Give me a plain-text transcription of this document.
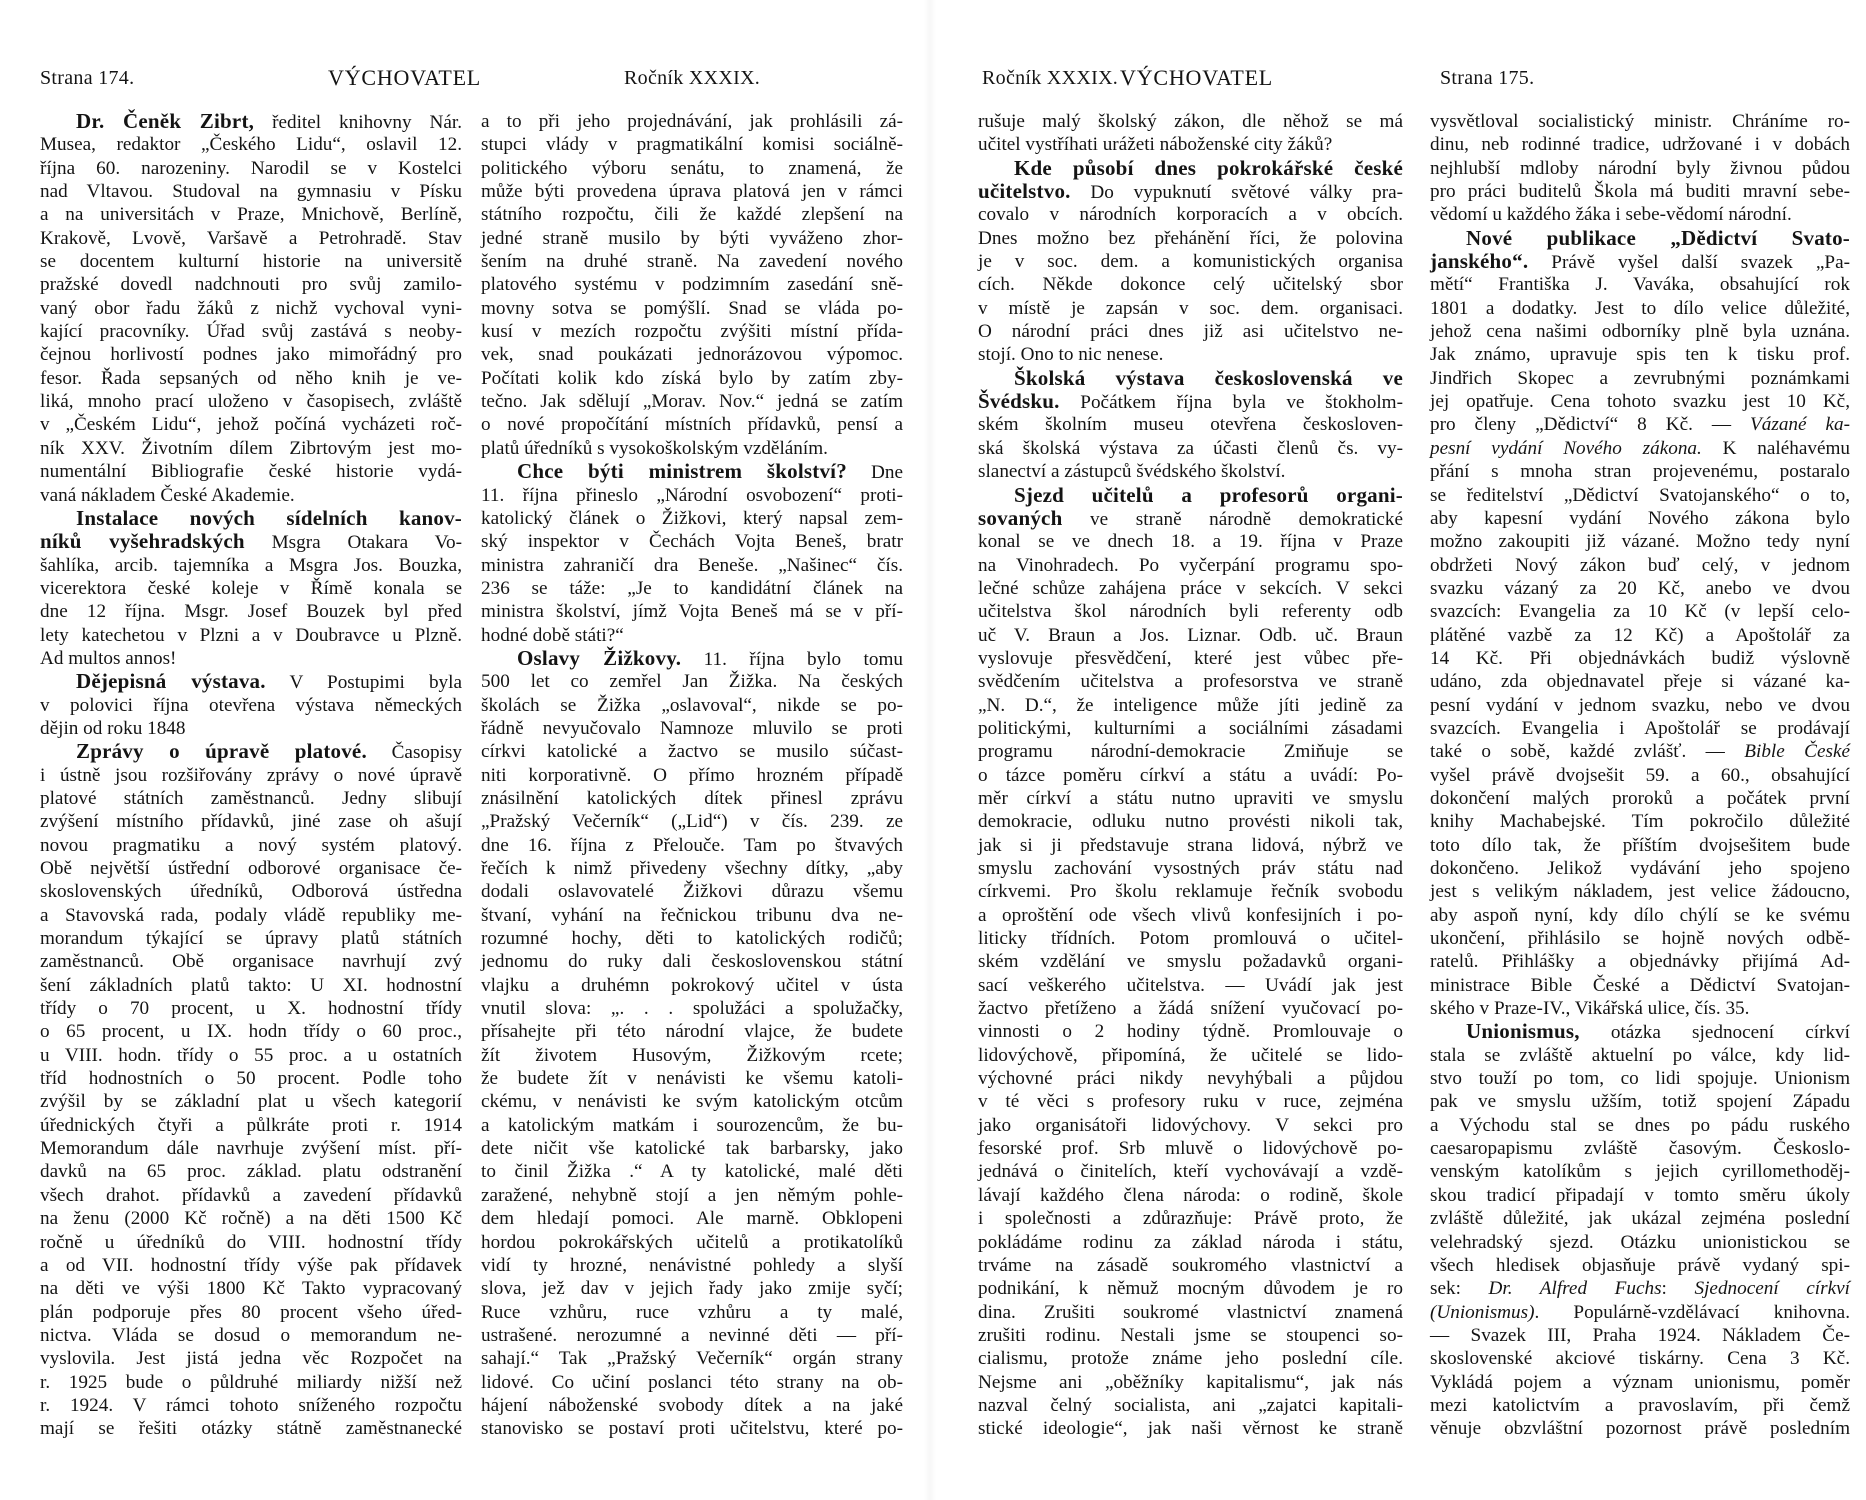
Strana 174.	VÝCHOVATEL	Ročník XXXIX.
Dr. Čeněk Zibrt, ředitel knihovny Nár.
Musea, redaktor „Českého Lidu“, oslavil 12.
října 60. narozeniny. Narodil se v Kostelci
nad Vltavou. Studoval na gymnasiu v Písku
a na universitách v Praze, Mnichově, Berlíně,
Krakově, Lvově, Varšavě a Petrohradě. Stav
se docentem kulturní historie na universitě
pražské dovedl nadchnouti pro svůj zamilo-
vaný obor řadu žáků z nichž vychoval vyni-
kající pracovníky. Úřad svůj zastává s neoby-
čejnou horlivostí podnes jako mimořádný pro
fesor. Řada sepsaných od něho knih je ve-
liká, mnoho prací uloženo v časopisech, zvláště
v „Českém Lidu“, jehož počíná vycházeti roč-
ník XXV. Životním dílem Zibrtovým jest mo-
numentální Bibliografie české historie vydá-
vaná nákladem České Akademie.
Instalace nových sídelních kanov-
níků vyšehradských Msgra Otakara Vo-
šahlíka, arcib. tajemníka a Msgra Jos. Bouzka,
vicerektora české koleje v Římě konala se
dne 12 října. Msgr. Josef Bouzek byl před
lety katechetou v Plzni a v Doubravce u Plzně.
Ad multos annos!
Dějepisná výstava. V Postupimi byla
v polovici října otevřena výstava německých
dějin od roku 1848
Zprávy o úpravě platové. Časopisy
i ústně jsou rozšiřovány zprávy o nové úpravě
platové státních zaměstnanců. Jedny slibují
zvýšení místního přídavků, jiné zase oh ašují
novou pragmatiku a nový systém platový.
Obě největší ústřední odborové organisace če-
skoslovenských úředníků, Odborová ústředna
a Stavovská rada, podaly vládě republiky me-
morandum týkající se úpravy platů státních
zaměstnanců. Obě organisace navrhují zvý
šení základních platů takto: U XI. hodnostní
třídy o 70 procent, u X. hodnostní třídy
o 65 procent, u IX. hodn třídy o 60 proc.,
u VIII. hodn. třídy o 55 proc. a u ostatních
tříd hodnostních o 50 procent. Podle toho
zvýšil by se základní plat u všech kategorií
úřednických čtyři a půlkráte proti r. 1914
Memorandum dále navrhuje zvýšení míst. pří-
davků na 65 proc. základ. platu odstranění
všech drahot. přídavků a zavedení přídavků
na ženu (2000 Kč ročně) a na děti 1500 Kč
ročně u úředníků do VIII. hodnostní třídy
a od VII. hodnostní třídy výše pak přídavek
na děti ve výši 1800 Kč Takto vypracovaný
plán podporuje přes 80 procent všeho úřed-
nictva. Vláda se dosud o memorandum ne-
vyslovila. Jest jistá jedna věc Rozpočet na
r. 1925 bude o půldruhé miliardy nižší než
r. 1924. V rámci tohoto sníženého rozpočtu
mají se řešiti otázky státně zaměstnanecké
a to při jeho projednávání, jak prohlásili zá-
stupci vlády v pragmatikální komisi sociálně-
politického výboru senátu, to znamená, že
může býti provedena úprava platová jen v rámci
státního rozpočtu, čili že každé zlepšení na
jedné straně musilo by býti vyváženo zhor-
šením na druhé straně. Na zavedení nového
platového systému v podzimním zasedání sně-
movny sotva se pomýšlí. Snad se vláda po-
kusí v mezích rozpočtu zvýšiti místní přída-
vek, snad poukázati jednorázovou výpomoc.
Počítati kolik kdo získá bylo by zatím zby-
tečno. Jak sdělují „Morav. Nov.“ jedná se zatím
o nové propočítání místních přídavků, pensí a
platů úředníků s vysokoškolským vzděláním.
Chce býti ministrem školství? Dne
11. října přineslo „Národní osvobození“ proti-
katolický článek o Žižkovi, který napsal zem-
ský inspektor v Čechách Vojta Beneš, bratr
ministra zahraničí dra Beneše. „Našinec“ čís.
236 se táže: „Je to kandidátní článek na
ministra školství, jímž Vojta Beneš má se v pří-
hodné době státi?“
Oslavy Žižkovy. 11. října bylo tomu
500 let co zemřel Jan Žižka. Na českých
školách se Žižka „oslavoval“, nikde se po-
řádně nevyučovalo Namnoze mluvilo se proti
církvi katolické a žactvo se musilo súčast-
niti korporativně. O přímo hrozném případě
znásilnění katolických dítek přinesl zprávu
„Pražský Večerník“ („Lid“) v čís. 239. ze
dne 16. října z Přelouče. Tam po štvavých
řečích k nimž přivedeny všechny dítky, „aby
dodali oslavovatelé Žižkovi důrazu všemu
štvaní, vyhání na řečnickou tribunu dva ne-
rozumné hochy, děti to katolických rodičů;
jednomu do ruky dali československou státní
vlajku a druhémn pokrokový učitel v ústa
vnutil slova: „. . . spolužáci a spolužačky,
přísahejte při této národní vlajce, že budete
žít životem Husovým, Žižkovým rcete;
že budete žít v nenávisti ke všemu katoli-
ckému, v nenávisti ke svým katolickým otcům
a katolickým matkám i sourozencům, že bu-
dete ničit vše katolické tak barbarsky, jako
to činil Žižka .“ A ty katolické, malé děti
zaražené, nehybně stojí a jen němým pohle-
dem hledají pomoci. Ale marně. Obklopeni
hordou pokrokářských učitelů a protikatolíků
vidí ty hrozné, nenávistné pohledy a slyší
slova, jež dav v jejich řady jako zmije syčí;
Ruce vzhůru, ruce vzhůru a ty malé,
ustrašené. nerozumné a nevinné děti — pří-
sahají.“ Tak „Pražský Večerník“ orgán strany
lidové. Co učiní poslanci této strany na ob-
hájení náboženské svobody dítek a na jaké
stanovisko se postaví proti učitelstvu, které po-
Ročník XXXIX. VÝCHOVATEL	Strana 175.
rušuje malý školský zákon, dle něhož se má
učitel vystříhati urážeti náboženské city žáků?
Kde působí dnes pokrokářské české
učitelstvo. Do vypuknutí světové války pra-
covalo v národních korporacích a v obcích.
Dnes možno bez přehánění říci, že polovina
je v soc. dem. a komunistických organisa
cích. Někde dokonce celý učitelský sbor
v místě je zapsán v soc. dem. organisaci.
O národní práci dnes již asi učitelstvo ne-
stojí. Ono to nic nenese.
Školská výstava československá ve
Švédsku. Počátkem října byla ve štokholm-
ském školním museu otevřena českosloven-
ská školská výstava za účasti členů čs. vy-
slanectví a zástupců švédského školství.
Sjezd učitelů a profesorů organi-
sovaných ve straně národně demokratické
konal se ve dnech 18. a 19. října v Praze
na Vinohradech. Po vyčerpání programu spo-
lečné schůze zahájena práce v sekcích. V sekci
učitelstva škol národních byli referenty odb
uč V. Braun a Jos. Liznar. Odb. uč. Braun
vyslovuje přesvědčení, které jest vůbec pře-
svědčením učitelstva a profesorstva ve straně
„N. D.“, že inteligence může jíti jedině za
politickými, kulturními a sociálními zásadami
programu národní-demokracie Zmiňuje se
o tázce poměru církví a státu a uvádí: Po-
měr církví a státu nutno upraviti ve smyslu
demokracie, odluku nutno provésti nikoli tak,
jak si ji představuje strana lidová, nýbrž ve
smyslu zachování vysostných práv státu nad
církvemi. Pro školu reklamuje řečník svobodu
a oproštění ode všech vlivů konfesijních i po-
liticky třídních. Potom promlouvá o učitel-
ském vzdělání ve smyslu požadavků organi-
sací veškerého učitelstva. — Uvádí jak jest
žactvo přetíženo a žádá snížení vyučovací po-
vinnosti o 2 hodiny týdně. Promlouvaje o
lidovýchově, připomíná, že učitelé se lido-
výchovné práci nikdy nevyhýbali a půjdou
v té věci s profesory ruku v ruce, zejména
jako organisátoři lidovýchovy. V sekci pro
fesorské prof. Srb mluvě o lidovýchově po-
jednává o činitelích, kteří vychovávají a vzdě-
lávají každého člena národa: o rodině, škole
i společnosti a zdůrazňuje: Právě proto, že
pokládáme rodinu za základ národa i státu,
trváme na zásadě soukromého vlastnictví a
podnikání, k němuž mocným důvodem je ro
dina. Zrušiti soukromé vlastnictví znamená
zrušiti rodinu. Nestali jsme se stoupenci so-
cialismu, protože známe jeho poslední cíle.
Nejsme ani „oběžníky kapitalismu“, jak nás
nazval čelný socialista, ani „zajatci kapitali-
stické ideologie“, jak naši věrnost ke straně
vysvětloval socialistický ministr. Chráníme ro-
dinu, neb rodinné tradice, udržované i v dobách
nejhlubší mdloby národní byly živnou půdou
pro práci buditelů Škola má buditi mravní sebe-
vědomí u každého žáka i sebe-vědomí národní.
Nové publikace „Dědictví Svato-
janského“. Právě vyšel další svazek „Pa-
mětí“ Františka J. Vaváka, obsahující rok
1801 a dodatky. Jest to dílo velice důležité,
jehož cena našimi odborníky plně byla uznána.
Jak známo, upravuje spis ten k tisku prof.
Jindřich Skopec a zevrubnými poznámkami
jej opatřuje. Cena tohoto svazku jest 10 Kč,
pro členy „Dědictví“ 8 Kč. — Vázané ka-
pesní vydání Nového zákona. K naléhavému
přání s mnoha stran projevenému, postaralo
se ředitelství „Dědictví Svatojanského“ o to,
aby kapesní vydání Nového zákona bylo
možno zakoupiti již vázané. Možno tedy nyní
obdržeti Nový zákon buď celý, v jednom
svazku vázaný za 20 Kč, anebo ve dvou
svazcích: Evangelia za 10 Kč (v lepší celo-
plátěné vazbě za 12 Kč) a Apoštolář za
14 Kč. Při objednávkách budiž výslovně
udáno, zda objednavatel přeje si vázané ka-
pesní vydání v jednom svazku, nebo ve dvou
svazcích. Evangelia i Apoštolář se prodávají
také o sobě, každé zvlášť. — Bible České
vyšel právě dvojsešit 59. a 60., obsahující
dokončení malých proroků a počátek první
knihy Machabejské. Tím pokročilo důležité
toto dílo tak, že příštím dvojsešitem bude
dokončeno. Jelikož vydávání jeho spojeno
jest s velikým nákladem, jest velice žádoucno,
aby aspoň nyní, kdy dílo chýlí se ke svému
ukončení, přihlásilo se hojně nových odbě-
ratelů. Přihlášky a objednávky přijímá Ad-
ministrace Bible České a Dědictví Svatojan-
ského v Praze-IV., Vikářská ulice, čís. 35.
Unionismus, otázka sjednocení církví
stala se zvláště aktuelní po válce, kdy lid-
stvo touží po tom, co lidi spojuje. Unionism
pak ve smyslu užším, totiž spojení Západu
a Východu stal se dnes po pádu ruského
caesaropapismu zvláště časovým. Českoslo-
venským katolíkům s jejich cyrillomethoděj-
skou tradicí připadají v tomto směru úkoly
zvláště důležité, jak ukázal zejména poslední
velehradský sjezd. Otázku unionistickou se
všech hledisek objasňuje právě vydaný spi-
sek: Dr. Alfred Fuchs: Sjednocení církví
(Unionismus). Populárně-vzdělávací knihovna.
— Svazek III, Praha 1924. Nákladem Če-
skoslovenské akciové tiskárny. Cena 3 Kč.
Vykládá pojem a význam unionismu, poměr
mezi katolictvím a pravoslavím, při čemž
věnuje obzvláštní pozornost právě posledním
